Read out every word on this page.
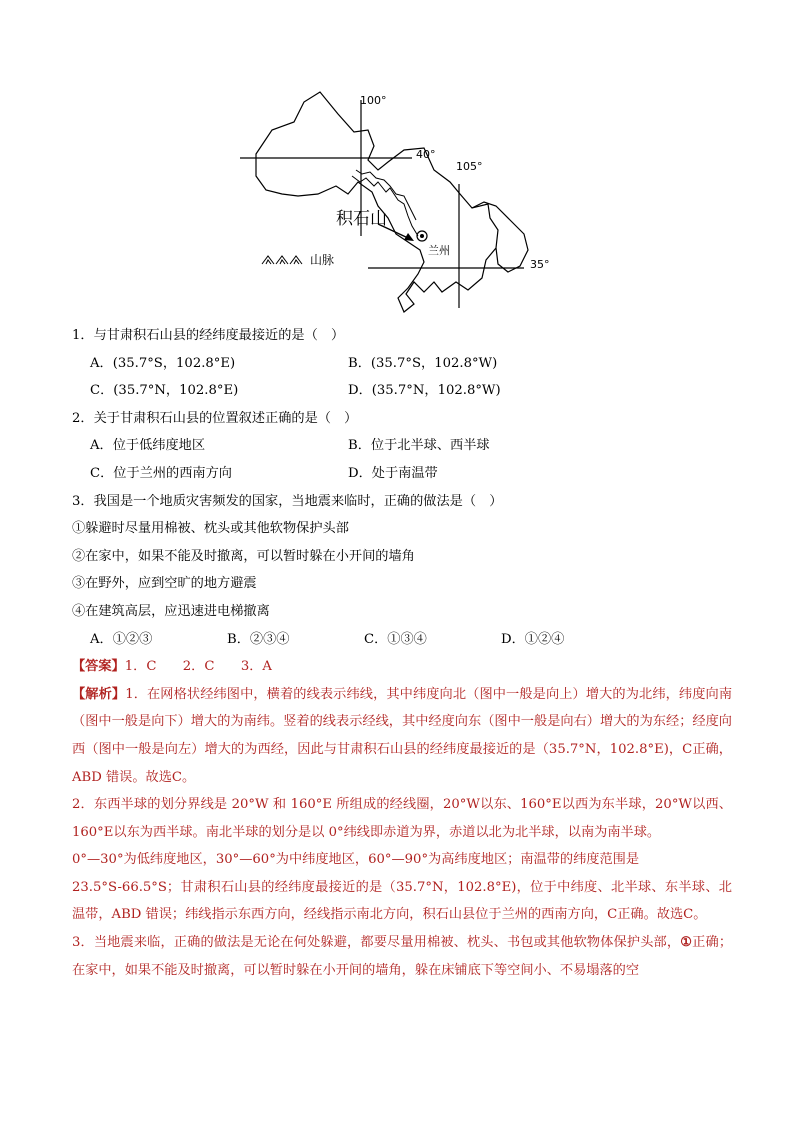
100°
40°
105°
35°
积石山
兰州
山脉
1．与甘肃积石山县的经纬度最接近的是（　）
A．(35.7°S，102.8°E)	B．(35.7°S，102.8°W)
C．(35.7°N，102.8°E)	D．(35.7°N，102.8°W)
2．关于甘肃积石山县的位置叙述正确的是（　）
A．位于低纬度地区	B．位于北半球、西半球
C．位于兰州的西南方向	D．处于南温带
3．我国是一个地质灾害频发的国家，当地震来临时，正确的做法是（　）
①躲避时尽量用棉被、枕头或其他软物保护头部
②在家中，如果不能及时撤离，可以暂时躲在小开间的墙角
③在野外，应到空旷的地方避震
④在建筑高层，应迅速进电梯撤离
A．①②③	B．②③④	C．①③④	D．①②④
【答案】1．C　　2．C　　3．A
【解析】1．在网格状经纬图中，横着的线表示纬线，其中纬度向北（图中一般是向上）增大的为北纬，纬度向南（图中一般是向下）增大的为南纬。竖着的线表示经线，其中经度向东（图中一般是向右）增大的为东经；经度向西（图中一般是向左）增大的为西经，因此与甘肃积石山县的经纬度最接近的是（35.7°N，102.8°E)，C正确，ABD 错误。故选C。
2．东西半球的划分界线是 20°W 和 160°E 所组成的经线圈，20°W以东、160°E以西为东半球，20°W以西、160°E以东为西半球。南北半球的划分是以 0°纬线即赤道为界，赤道以北为北半球，以南为南半球。
0°—30°为低纬度地区，30°—60°为中纬度地区，60°—90°为高纬度地区；南温带的纬度范围是
23.5°S-66.5°S；甘肃积石山县的经纬度最接近的是（35.7°N，102.8°E)，位于中纬度、北半球、东半球、北温带，ABD 错误；纬线指示东西方向，经线指示南北方向，积石山县位于兰州的西南方向，C正确。故选C。
3．当地震来临，正确的做法是无论在何处躲避，都要尽量用棉被、枕头、书包或其他软物体保护头部，①正确；在家中，如果不能及时撤离，可以暂时躲在小开间的墙角，躲在床铺底下等空间小、不易塌落的空
